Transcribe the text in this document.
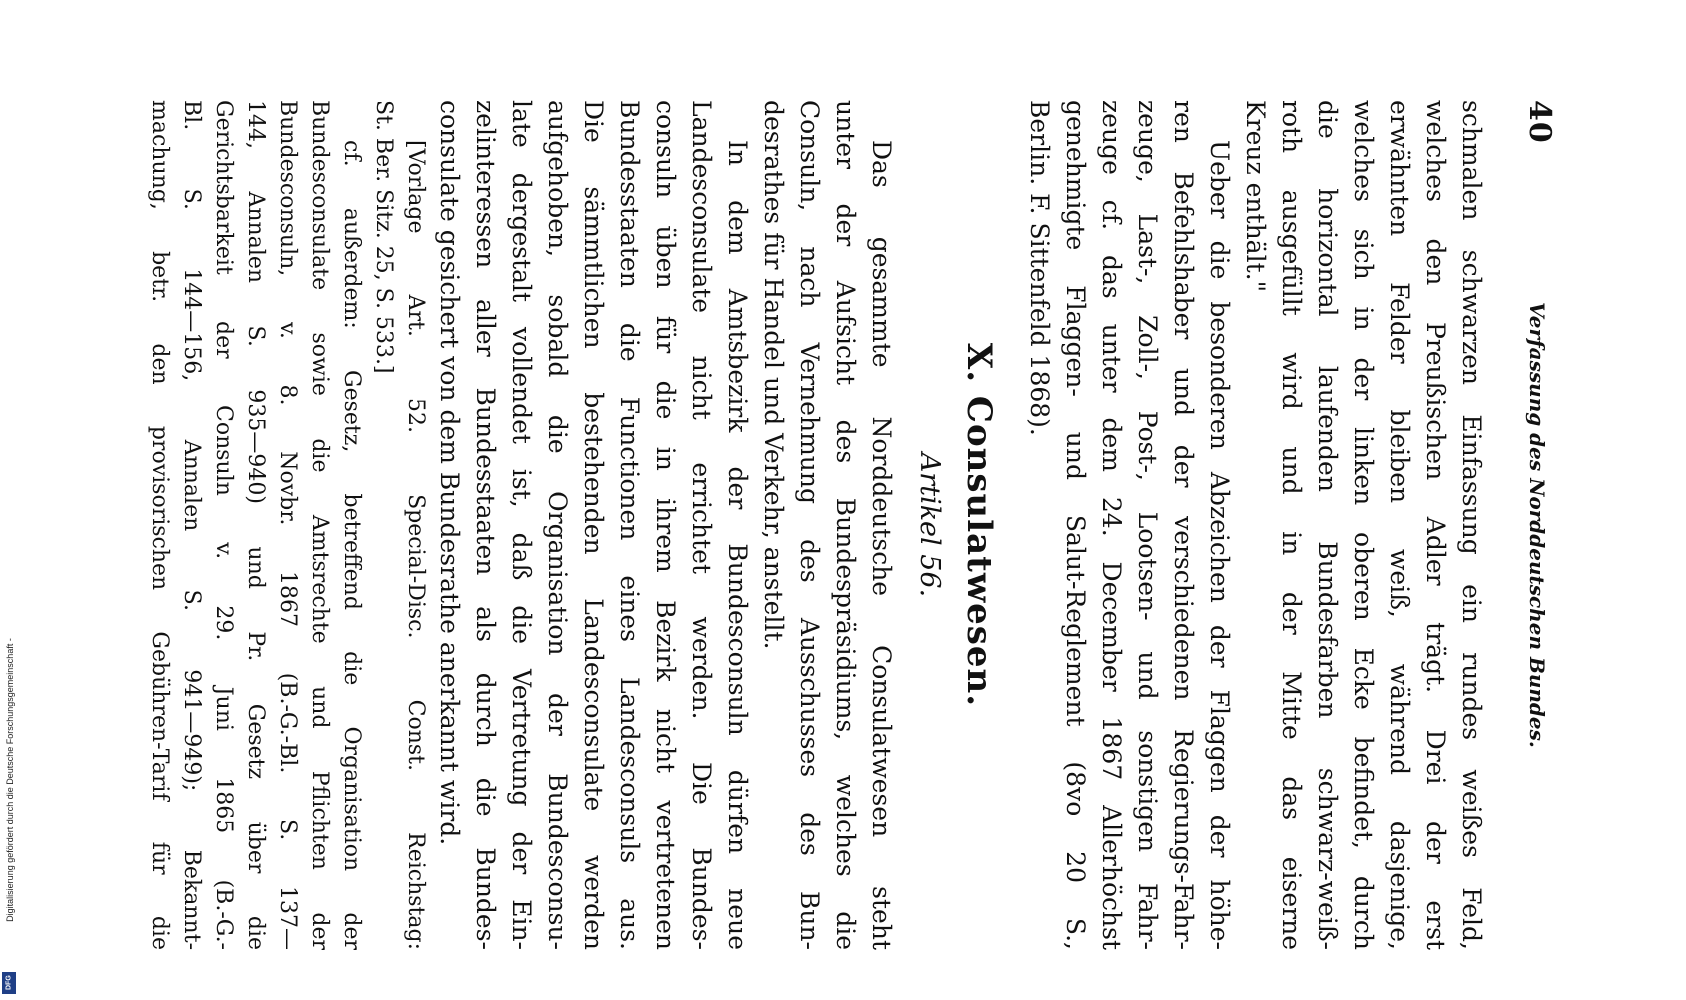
Digitalisierung gefördert durch die Deutsche Forschungsgemeinschaft -
DFG
40
Verfassung des Norddeutschen Bundes.
schmalen schwarzen Einfassung ein rundes weißes Feld,
welches den Preußischen Adler trägt. Drei der erst
erwähnten Felder bleiben weiß, während dasjenige,
welches sich in der linken oberen Ecke befindet, durch
die horizontal laufenden Bundesfarben schwarz-weiß-
roth ausgefüllt wird und in der Mitte das eiserne
Kreuz enthält."
Ueber die besonderen Abzeichen der Flaggen der höhe-
ren Befehlshaber und der verschiedenen Regierungs-Fahr-
zeuge, Last-, Zoll-, Post-, Lootsen- und sonstigen Fahr-
zeuge cf. das unter dem 24. December 1867 Allerhöchst
genehmigte Flaggen- und Salut-Reglement (8vo 20 S.,
Berlin. F. Sittenfeld 1868).
X. Consulatwesen.
Artikel 56.
Das gesammte Norddeutsche Consulatwesen steht
unter der Aufsicht des Bundespräsidiums, welches die
Consuln, nach Vernehmung des Ausschusses des Bun-
desrathes für Handel und Verkehr, anstellt.
In dem Amtsbezirk der Bundesconsuln dürfen neue
Landesconsulate nicht errichtet werden. Die Bundes-
consuln üben für die in ihrem Bezirk nicht vertretenen
Bundesstaaten die Functionen eines Landesconsuls aus.
Die sämmtlichen bestehenden Landesconsulate werden
aufgehoben, sobald die Organisation der Bundesconsu-
late dergestalt vollendet ist, daß die Vertretung der Ein-
zelinteressen aller Bundesstaaten als durch die Bundes-
consulate gesichert von dem Bundesrathe anerkannt wird.
[Vorlage Art. 52. Special-Disc. Const. Reichstag:
St. Ber. Sitz. 25, S. 533.]
cf. außerdem: Gesetz, betreffend die Organisation der
Bundesconsulate sowie die Amtsrechte und Pflichten der
Bundesconsuln, v. 8. Novbr. 1867 (B.-G.-Bl. S. 137—
144, Annalen S. 935—940) und Pr. Gesetz über die
Gerichtsbarkeit der Consuln v. 29. Juni 1865 (B.-G.-
Bl. S. 144—156, Annalen S. 941—949); Bekannt-
machung, betr. den provisorischen Gebühren-Tarif für die
